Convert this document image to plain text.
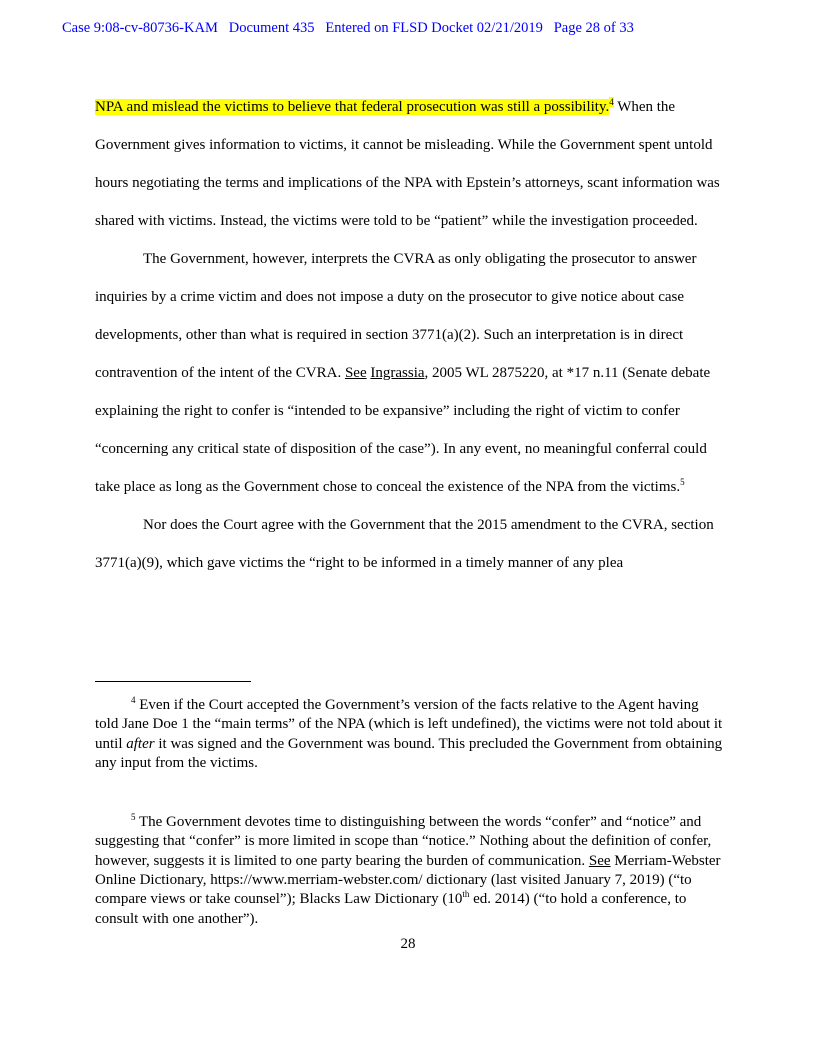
Case 9:08-cv-80736-KAM   Document 435   Entered on FLSD Docket 02/21/2019   Page 28 of 33

NPA and mislead the victims to believe that federal prosecution was still a possibility.$^4$ When the Government gives information to victims, it cannot be misleading. While the Government spent untold hours negotiating the terms and implications of the NPA with Epstein’s attorneys, scant information was shared with victims. Instead, the victims were told to be “patient” while the investigation proceeded.

The Government, however, interprets the CVRA as only obligating the prosecutor to answer inquiries by a crime victim and does not impose a duty on the prosecutor to give notice about case developments, other than what is required in section 3771(a)(2). Such an interpretation is in direct contravention of the intent of the CVRA. See Ingrassia, 2005 WL 2875220, at *17 n.11 (Senate debate explaining the right to confer is “intended to be expansive” including the right of victim to confer “concerning any critical state of disposition of the case”). In any event, no meaningful conferral could take place as long as the Government chose to conceal the existence of the NPA from the victims.$^5$

Nor does the Court agree with the Government that the 2015 amendment to the CVRA, section 3771(a)(9), which gave victims the “right to be informed in a timely manner of any plea

$^4$ Even if the Court accepted the Government’s version of the facts relative to the Agent having told Jane Doe 1 the “main terms” of the NPA (which is left undefined), the victims were not told about it until after it was signed and the Government was bound. This precluded the Government from obtaining any input from the victims.

$^5$ The Government devotes time to distinguishing between the words “confer” and “notice” and suggesting that “confer” is more limited in scope than “notice.” Nothing about the definition of confer, however, suggests it is limited to one party bearing the burden of communication. See Merriam-Webster Online Dictionary, https://www.merriam-webster.com/ dictionary (last visited January 7, 2019) (“to compare views or take counsel”); Blacks Law Dictionary (10th ed. 2014) (“to hold a conference, to consult with one another”).

28
